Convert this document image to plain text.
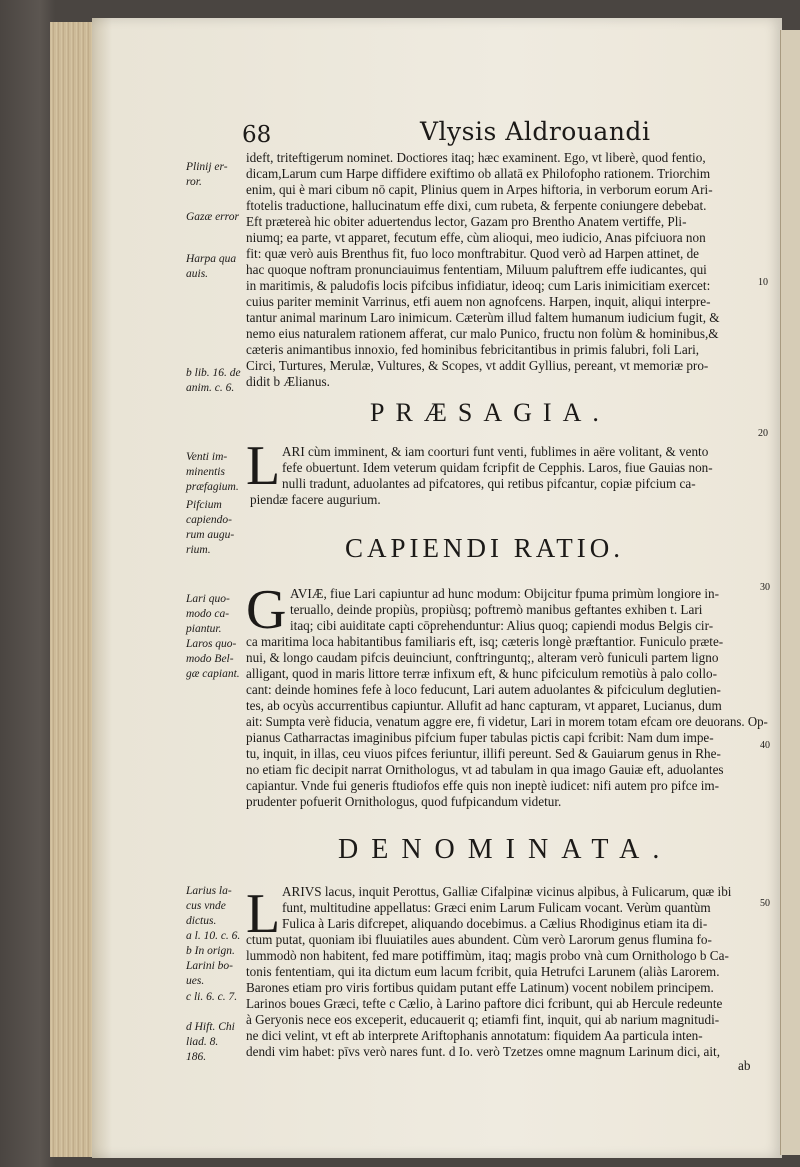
68	Vlysis Aldrouandi
ideft, triteftigerum nominet. Doctiores itaq; hæc examinent. Ego, vt liberè, quod fentio,
dicam,Larum cum Harpe diffidere exiftimo ob allatā ex Philofopho rationem. Triorchim
enim, qui è mari cibum nō capit, Plinius quem in Arpes hiftoria, in verborum eorum Ari-
ftotelis traductione, hallucinatum effe dixi, cum rubeta, & ferpente coniungere debebat.
Eft prætereà hic obiter aduertendus lector, Gazam pro Brentho Anatem vertiffe, Pli-
niumq; ea parte, vt apparet, fecutum effe, cùm alioqui, meo iudicio, Anas pifciuora non
fit: quæ verò auis Brenthus fit, fuo loco monftrabitur. Quod verò ad Harpen attinet, de
hac quoque noftram pronunciauimus fententiam, Miluum paluftrem effe iudicantes, qui
in maritimis, & paludofis locis pifcibus infidiatur, ideoq; cum Laris inimicitiam exercet:
cuius pariter meminit Varrinus, etfi auem non agnofcens. Harpen, inquit, aliqui interpre-
tantur animal marinum Laro inimicum. Cæterùm illud faltem humanum iudicium fugit, &
nemo eius naturalem rationem afferat, cur malo Punico, fructu non folùm & hominibus,&
cæteris animantibus innoxio, fed hominibus febricitantibus in primis falubri, foli Lari,
Circi, Turtures, Merulæ, Vultures, & Scopes, vt addit Gyllius, pereant, vt memoriæ pro-
didit b Ælianus.
Plinij er-
ror.
Gazæ error
Harpa qua
auis.
b lib. 16. de
anim. c. 6.
10
PRÆSAGIA.
20
L ARI cùm imminent, & iam coorturi funt venti, fublimes in aëre volitant, & vento
fefe obuertunt. Idem veterum quidam fcripfit de Cepphis. Laros, fiue Gauias non-
nulli tradunt, aduolantes ad pifcatores, qui retibus pifcantur, copiæ pifcium ca-
piendæ facere augurium.
Venti im-
minentis
præfagium.
Pifcium
capiendo-
rum augu-
rium.	CAPIENDI RATIO.
G AVIÆ, fiue Lari capiuntur ad hunc modum: Obijcitur fpuma primùm longiore in-
teruallo, deinde propiùs, propiùsq; poftremò manibus geftantes exhiben t. Lari
itaq; cibi auiditate capti cōprehenduntur: Alius quoq; capiendi modus Belgis cir-
ca maritima loca habitantibus familiaris eft, isq; cæteris longè præftantior. Funiculo præte-
nui, & longo caudam pifcis deuinciunt, conftringuntq;, alteram verò funiculi partem ligno
alligant, quod in maris littore terræ infixum eft, & hunc pifciculum remotiùs à palo collo-
cant: deinde homines fefe à loco feducunt, Lari autem aduolantes & pifciculum deglutien-
tes, ab ocyùs accurrentibus capiuntur. Allufit ad hanc capturam, vt apparet, Lucianus, dum
ait: Sumpta verè fiducia, venatum aggre ere, fi videtur, Lari in morem totam efcam ore deuorans. Op-
pianus Catharractas imaginibus pifcium fuper tabulas pictis capi fcribit: Nam dum impe-
tu, inquit, in illas, ceu viuos pifces feriuntur, illifi pereunt. Sed & Gauiarum genus in Rhe-
no etiam fic decipit narrat Ornithologus, vt ad tabulam in qua imago Gauiæ eft, aduolantes
capiantur. Vnde fui generis ftudiofos effe quis non ineptè iudicet: nifi autem pro pifce im-
prudenter pofuerit Ornithologus, quod fufpicandum videtur.
Lari quo-
modo ca-
piantur.
Laros quo-
modo Bel-
gæ capiant.
30
40
DENOMINATA.
L ARIVS lacus, inquit Perottus, Galliæ Cifalpinæ vicinus alpibus, à Fulicarum, quæ ibi
funt, multitudine appellatus: Græci enim Larum Fulicam vocant. Verùm quantùm
Fulica à Laris difcrepet, aliquando docebimus. a Cælius Rhodiginus etiam ita di-
ctum putat, quoniam ibi fluuiatiles aues abundent. Cùm verò Larorum genus flumina fo-
lummodò non habitent, fed mare potiffimùm, itaq; magis probo vnà cum Ornithologo b Ca-
tonis fententiam, qui ita dictum eum lacum fcribit, quia Hetrufci Larunem (aliàs Larorem.
Barones etiam pro viris fortibus quidam putant effe Latinum) vocent nobilem principem.
Larinos boues Græci, tefte c Cælio, à Larino paftore dici fcribunt, qui ab Hercule redeunte
à Geryonis nece eos exceperit, educauerit q; etiamfi fint, inquit, qui ab narium magnitudi-
ne dici velint, vt eft ab interprete Ariftophanis annotatum: fiquidem Aa particula inten-
dendi vim habet: pīvs verò nares funt. d Io. verò Tzetzes omne magnum Larinum dici, ait,
ab
Larius la-
cus vnde
dictus.
a l. 10. c. 6.
b In orign.
Larini bo-
ues.
c li. 6. c. 7.
d Hift. Chi
liad. 8.
186.
50
